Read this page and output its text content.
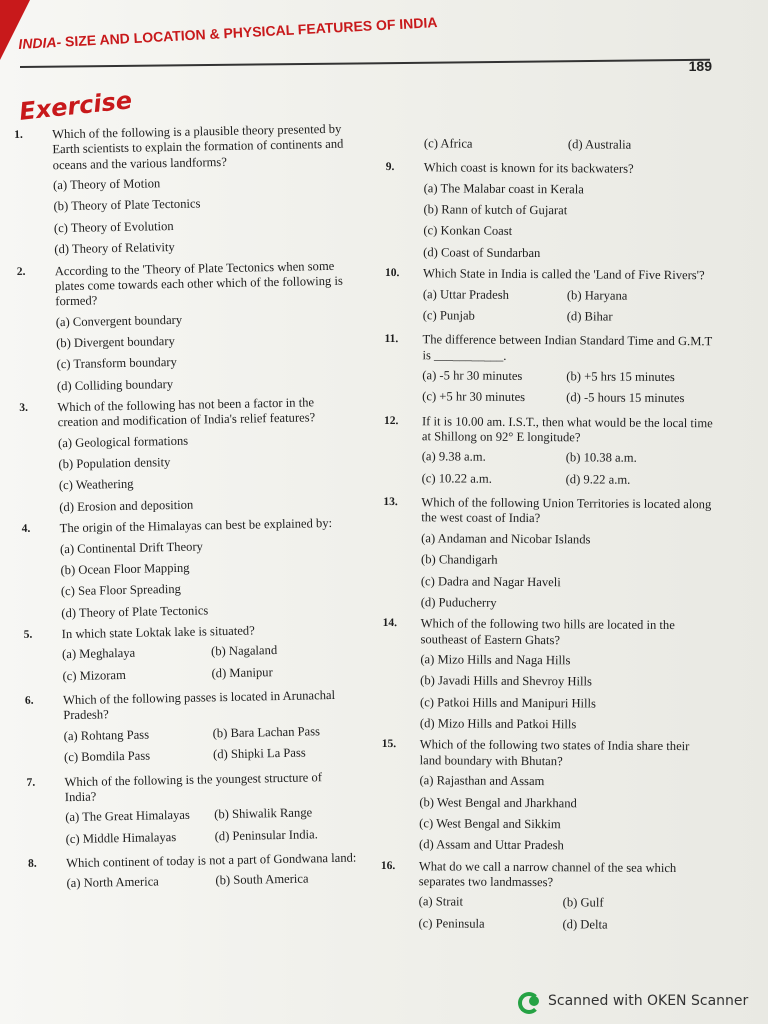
INDIA- SIZE AND LOCATION & PHYSICAL FEATURES OF INDIA
189
Exercise
1. Which of the following is a plausible theory presented by Earth scientists to explain the formation of continents and oceans and the various landforms?
(a) Theory of Motion
(b) Theory of Plate Tectonics
(c) Theory of Evolution
(d) Theory of Relativity
2. According to the 'Theory of Plate Tectonics when some plates come towards each other which of the following is formed?
(a) Convergent boundary
(b) Divergent boundary
(c) Transform boundary
(d) Colliding boundary
3. Which of the following has not been a factor in the creation and modification of India's relief features?
(a) Geological formations
(b) Population density
(c) Weathering
(d) Erosion and deposition
4. The origin of the Himalayas can best be explained by:
(a) Continental Drift Theory
(b) Ocean Floor Mapping
(c) Sea Floor Spreading
(d) Theory of Plate Tectonics
5. In which state Loktak lake is situated?
(a) Meghalaya	(b) Nagaland
(c) Mizoram	(d) Manipur
6. Which of the following passes is located in Arunachal Pradesh?
(a) Rohtang Pass	(b) Bara Lachan Pass
(c) Bomdila Pass	(d) Shipki La Pass
7. Which of the following is the youngest structure of India?
(a) The Great Himalayas	(b) Shiwalik Range
(c) Middle Himalayas	(d) Peninsular India.
8. Which continent of today is not a part of Gondwana land:
(a) North America	(b) South America
(c) Africa	(d) Australia
9. Which coast is known for its backwaters?
(a) The Malabar coast in Kerala
(b) Rann of kutch of Gujarat
(c) Konkan Coast
(d) Coast of Sundarban
10. Which State in India is called the 'Land of Five Rivers'?
(a) Uttar Pradesh	(b) Haryana
(c) Punjab	(d) Bihar
11. The difference between Indian Standard Time and G.M.T is ___________.
(a) -5 hr 30 minutes	(b) +5 hrs 15 minutes
(c) +5 hr 30 minutes	(d) -5 hours 15 minutes
12. If it is 10.00 am. I.S.T., then what would be the local time at Shillong on 92° E longitude?
(a) 9.38 a.m.	(b) 10.38 a.m.
(c) 10.22 a.m.	(d) 9.22 a.m.
13. Which of the following Union Territories is located along the west coast of India?
(a) Andaman and Nicobar Islands
(b) Chandigarh
(c) Dadra and Nagar Haveli
(d) Puducherry
14. Which of the following two hills are located in the southeast of Eastern Ghats?
(a) Mizo Hills and Naga Hills
(b) Javadi Hills and Shevroy Hills
(c) Patkoi Hills and Manipuri Hills
(d) Mizo Hills and Patkoi Hills
15. Which of the following two states of India share their land boundary with Bhutan?
(a) Rajasthan and Assam
(b) West Bengal and Jharkhand
(c) West Bengal and Sikkim
(d) Assam and Uttar Pradesh
16. What do we call a narrow channel of the sea which separates two landmasses?
(a) Strait	(b) Gulf
(c) Peninsula	(d) Delta
Scanned with OKEN Scanner
